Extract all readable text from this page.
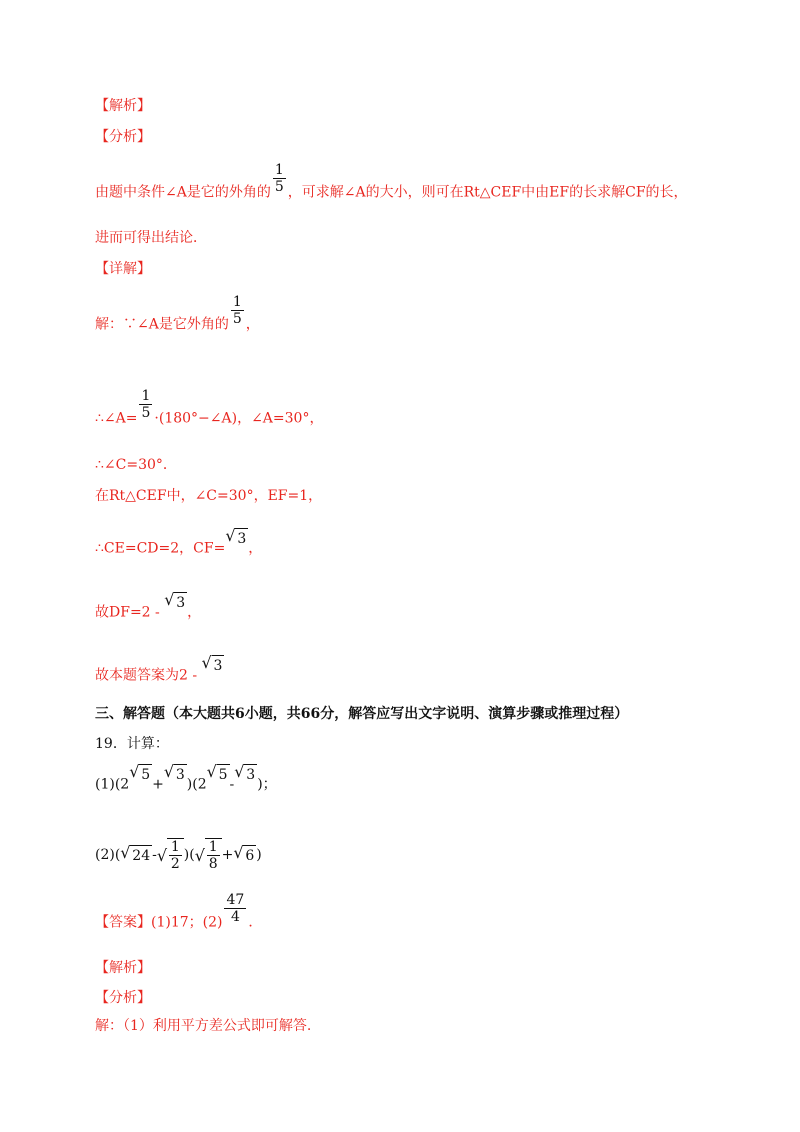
【解析】
【分析】
由题中条件∠A是它的外角的 $\frac{1}{5}$ ，可求解∠A的大小，则可在Rt△CEF中由EF的长求解CF的长，
进而可得出结论．
【详解】
解：∵∠A是它外角的 $\frac{1}{5}$ ，
∴∠A= $\frac{1}{5}$ ·(180°−∠A)，∠A=30°，
∴∠C=30°．
在Rt△CEF中，∠C=30°，EF=1，
∴CE=CD=2，CF=
√ 3，
故DF=2 -
√ 3，
故本题答案为2 -
√ 3
三、解答题（本大题共6小题，共66分，解答应写出文字说明、演算步骤或推理过程）
19．计算：
(1)(2
√ 5+
√ 3)(2
√ 5-
√ 3)；
(2)( √ 24 - √ $\frac{1}{2}$ )( √ $\frac{1}{8}$ + √ 6 )
【答案】(1)17；$(2) \frac{47}{4}$ ．
【解析】
【分析】
解：（1）利用平方差公式即可解答.
